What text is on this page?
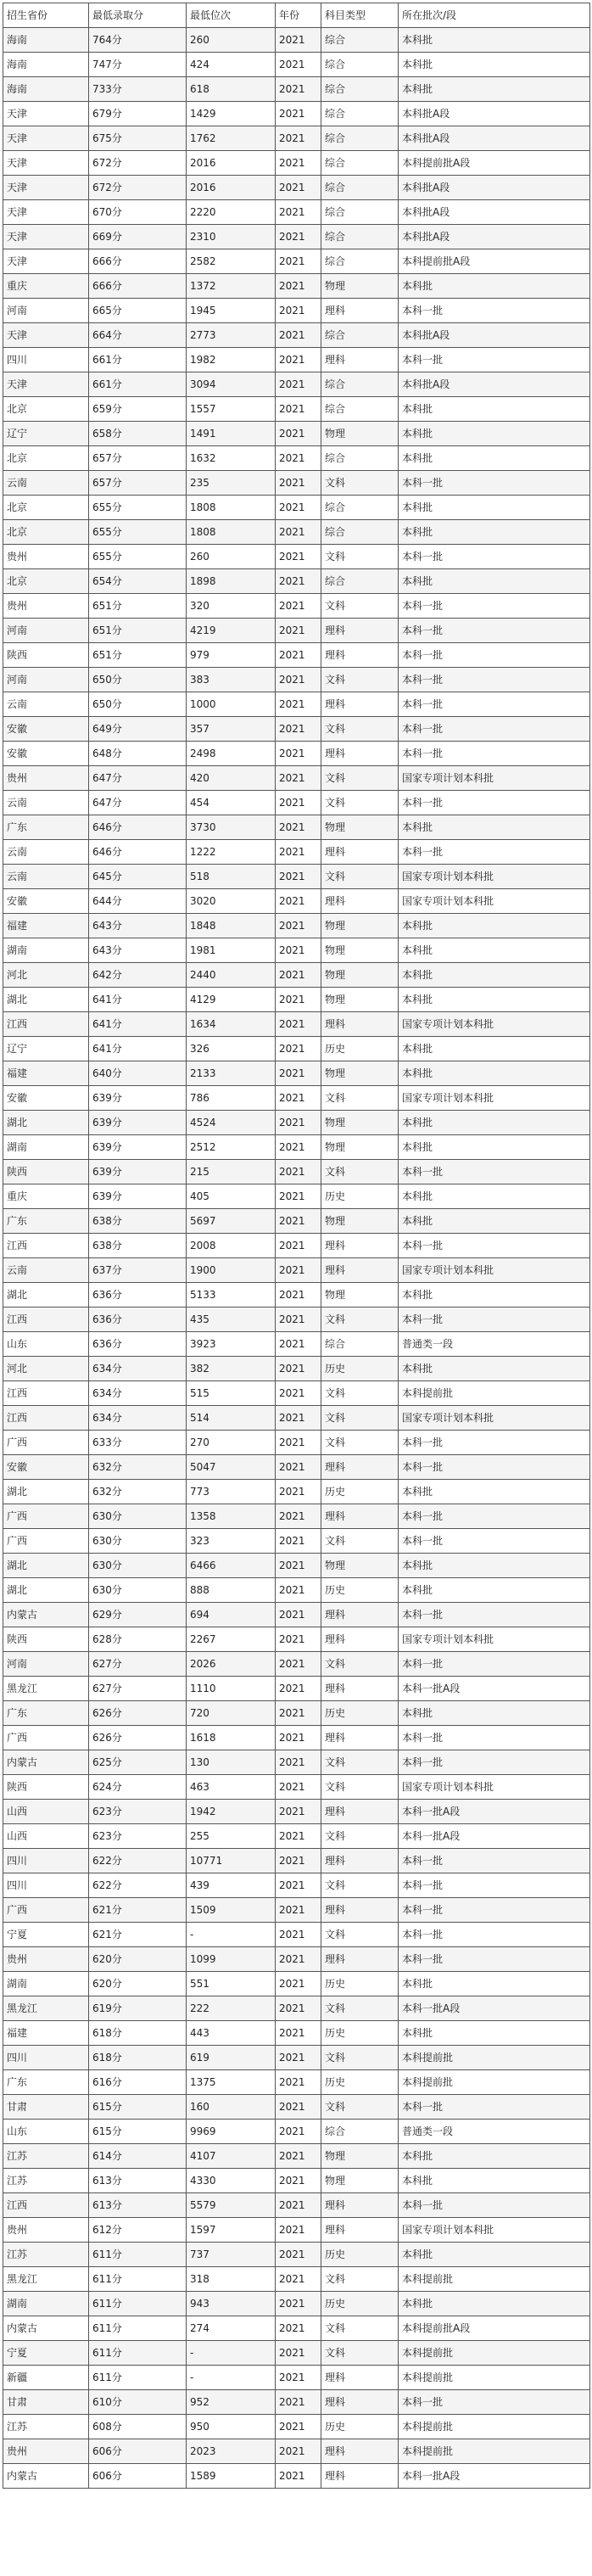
招生省份	最低录取分	最低位次	年份	科目类型	所在批次/段
海南	764分	260	2021	综合	本科批
海南	747分	424	2021	综合	本科批
海南	733分	618	2021	综合	本科批
天津	679分	1429	2021	综合	本科批A段
天津	675分	1762	2021	综合	本科批A段
天津	672分	2016	2021	综合	本科提前批A段
天津	672分	2016	2021	综合	本科批A段
天津	670分	2220	2021	综合	本科批A段
天津	669分	2310	2021	综合	本科批A段
天津	666分	2582	2021	综合	本科提前批A段
重庆	666分	1372	2021	物理	本科批
河南	665分	1945	2021	理科	本科一批
天津	664分	2773	2021	综合	本科批A段
四川	661分	1982	2021	理科	本科一批
天津	661分	3094	2021	综合	本科批A段
北京	659分	1557	2021	综合	本科批
辽宁	658分	1491	2021	物理	本科批
北京	657分	1632	2021	综合	本科批
云南	657分	235	2021	文科	本科一批
北京	655分	1808	2021	综合	本科批
北京	655分	1808	2021	综合	本科批
贵州	655分	260	2021	文科	本科一批
北京	654分	1898	2021	综合	本科批
贵州	651分	320	2021	文科	本科一批
河南	651分	4219	2021	理科	本科一批
陕西	651分	979	2021	理科	本科一批
河南	650分	383	2021	文科	本科一批
云南	650分	1000	2021	理科	本科一批
安徽	649分	357	2021	文科	本科一批
安徽	648分	2498	2021	理科	本科一批
贵州	647分	420	2021	文科	国家专项计划本科批
云南	647分	454	2021	文科	本科一批
广东	646分	3730	2021	物理	本科批
云南	646分	1222	2021	理科	本科一批
云南	645分	518	2021	文科	国家专项计划本科批
安徽	644分	3020	2021	理科	国家专项计划本科批
福建	643分	1848	2021	物理	本科批
湖南	643分	1981	2021	物理	本科批
河北	642分	2440	2021	物理	本科批
湖北	641分	4129	2021	物理	本科批
江西	641分	1634	2021	理科	国家专项计划本科批
辽宁	641分	326	2021	历史	本科批
福建	640分	2133	2021	物理	本科批
安徽	639分	786	2021	文科	国家专项计划本科批
湖北	639分	4524	2021	物理	本科批
湖南	639分	2512	2021	物理	本科批
陕西	639分	215	2021	文科	本科一批
重庆	639分	405	2021	历史	本科批
广东	638分	5697	2021	物理	本科批
江西	638分	2008	2021	理科	本科一批
云南	637分	1900	2021	理科	国家专项计划本科批
湖北	636分	5133	2021	物理	本科批
江西	636分	435	2021	文科	本科一批
山东	636分	3923	2021	综合	普通类一段
河北	634分	382	2021	历史	本科批
江西	634分	515	2021	文科	本科提前批
江西	634分	514	2021	文科	国家专项计划本科批
广西	633分	270	2021	文科	本科一批
安徽	632分	5047	2021	理科	本科一批
湖北	632分	773	2021	历史	本科批
广西	630分	1358	2021	理科	本科一批
广西	630分	323	2021	文科	本科一批
湖北	630分	6466	2021	物理	本科批
湖北	630分	888	2021	历史	本科批
内蒙古	629分	694	2021	理科	本科一批
陕西	628分	2267	2021	理科	国家专项计划本科批
河南	627分	2026	2021	文科	本科一批
黑龙江	627分	1110	2021	理科	本科一批A段
广东	626分	720	2021	历史	本科批
广西	626分	1618	2021	理科	本科一批
内蒙古	625分	130	2021	文科	本科一批
陕西	624分	463	2021	文科	国家专项计划本科批
山西	623分	1942	2021	理科	本科一批A段
山西	623分	255	2021	文科	本科一批A段
四川	622分	10771	2021	理科	本科一批
四川	622分	439	2021	文科	本科一批
广西	621分	1509	2021	理科	本科一批
宁夏	621分	-	2021	文科	本科一批
贵州	620分	1099	2021	理科	本科一批
湖南	620分	551	2021	历史	本科批
黑龙江	619分	222	2021	文科	本科一批A段
福建	618分	443	2021	历史	本科批
四川	618分	619	2021	文科	本科提前批
广东	616分	1375	2021	历史	本科提前批
甘肃	615分	160	2021	文科	本科一批
山东	615分	9969	2021	综合	普通类一段
江苏	614分	4107	2021	物理	本科批
江苏	613分	4330	2021	物理	本科批
江西	613分	5579	2021	理科	本科一批
贵州	612分	1597	2021	理科	国家专项计划本科批
江苏	611分	737	2021	历史	本科批
黑龙江	611分	318	2021	文科	本科提前批
湖南	611分	943	2021	历史	本科批
内蒙古	611分	274	2021	文科	本科提前批A段
宁夏	611分	-	2021	文科	本科提前批
新疆	611分	-	2021	理科	本科提前批
甘肃	610分	952	2021	理科	本科一批
江苏	608分	950	2021	历史	本科提前批
贵州	606分	2023	2021	理科	本科提前批
内蒙古	606分	1589	2021	理科	本科一批A段
